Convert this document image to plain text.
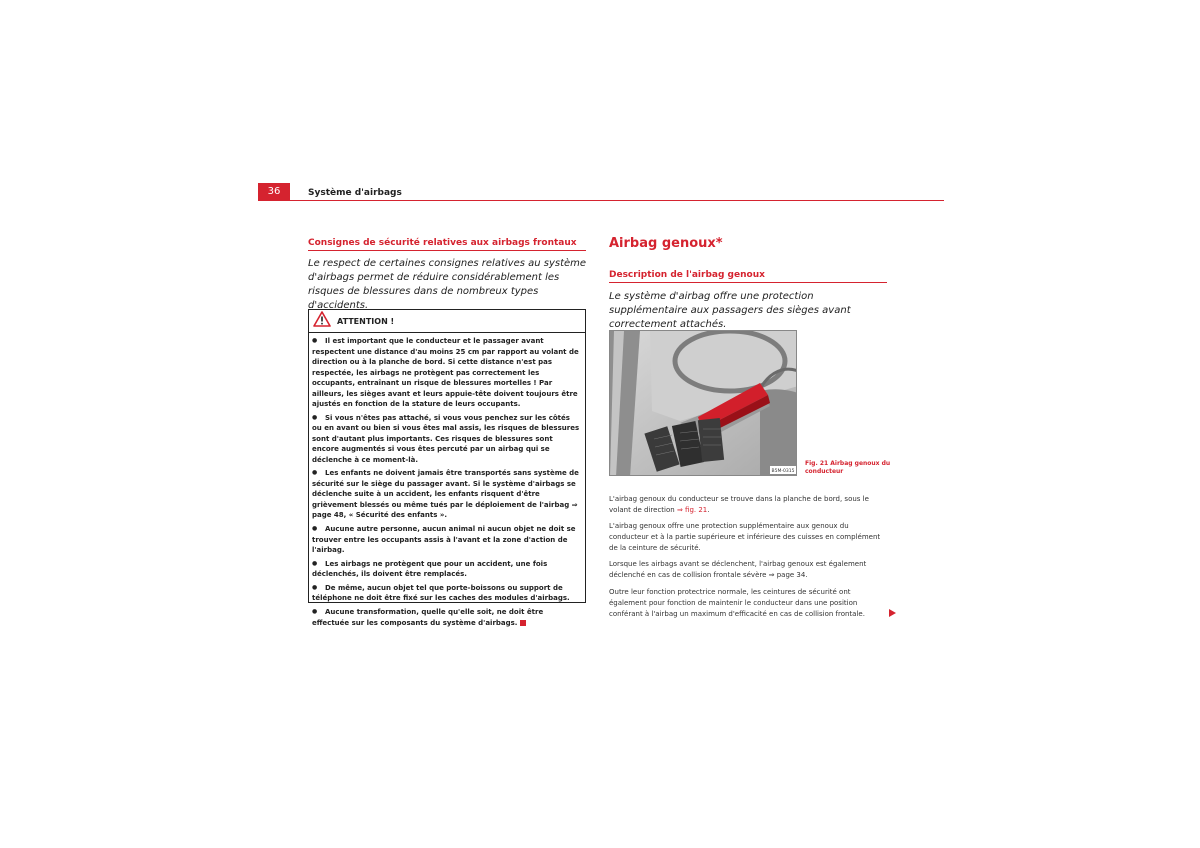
36	Système d'airbags
Consignes de sécurité relatives aux airbags frontaux

Le respect de certaines consignes relatives au système d'airbags permet de réduire considérablement les risques de blessures dans de nombreux types d'accidents.

ATTENTION !
● Il est important que le conducteur et le passager avant respectent une distance d'au moins 25 cm par rapport au volant de direction ou à la planche de bord. Si cette distance n'est pas respectée, les airbags ne protègent pas correctement les occupants, entraînant un risque de blessures mortelles ! Par ailleurs, les sièges avant et leurs appuie-tête doivent toujours être ajustés en fonction de la stature de leurs occupants.
● Si vous n'êtes pas attaché, si vous vous penchez sur les côtés ou en avant ou bien si vous êtes mal assis, les risques de blessures sont d'autant plus importants. Ces risques de blessures sont encore augmentés si vous êtes percuté par un airbag qui se déclenche à ce moment-là.
● Les enfants ne doivent jamais être transportés sans système de sécurité sur le siège du passager avant. Si le système d'airbags se déclenche suite à un accident, les enfants risquent d'être grièvement blessés ou même tués par le déploiement de l'airbag ⇒ page 48, « Sécurité des enfants ».
● Aucune autre personne, aucun animal ni aucun objet ne doit se trouver entre les occupants assis à l'avant et la zone d'action de l'airbag.
● Les airbags ne protègent que pour un accident, une fois déclenchés, ils doivent être remplacés.
● De même, aucun objet tel que porte-boissons ou support de téléphone ne doit être fixé sur les caches des modules d'airbags.
● Aucune transformation, quelle qu'elle soit, ne doit être effectuée sur les composants du système d'airbags.
Airbag genoux*
Description de l'airbag genoux

Le système d'airbag offre une protection supplémentaire aux passagers des sièges avant correctement attachés.

B5M-0315
Fig. 21 Airbag genoux du conducteur

L'airbag genoux du conducteur se trouve dans la planche de bord, sous le volant de direction ⇒ fig. 21.

L'airbag genoux offre une protection supplémentaire aux genoux du conducteur et à la partie supérieure et inférieure des cuisses en complément de la ceinture de sécurité.

Lorsque les airbags avant se déclenchent, l'airbag genoux est également déclenché en cas de collision frontale sévère ⇒ page 34.

Outre leur fonction protectrice normale, les ceintures de sécurité ont également pour fonction de maintenir le conducteur dans une position conférant à l'airbag un maximum d'efficacité en cas de collision frontale.
